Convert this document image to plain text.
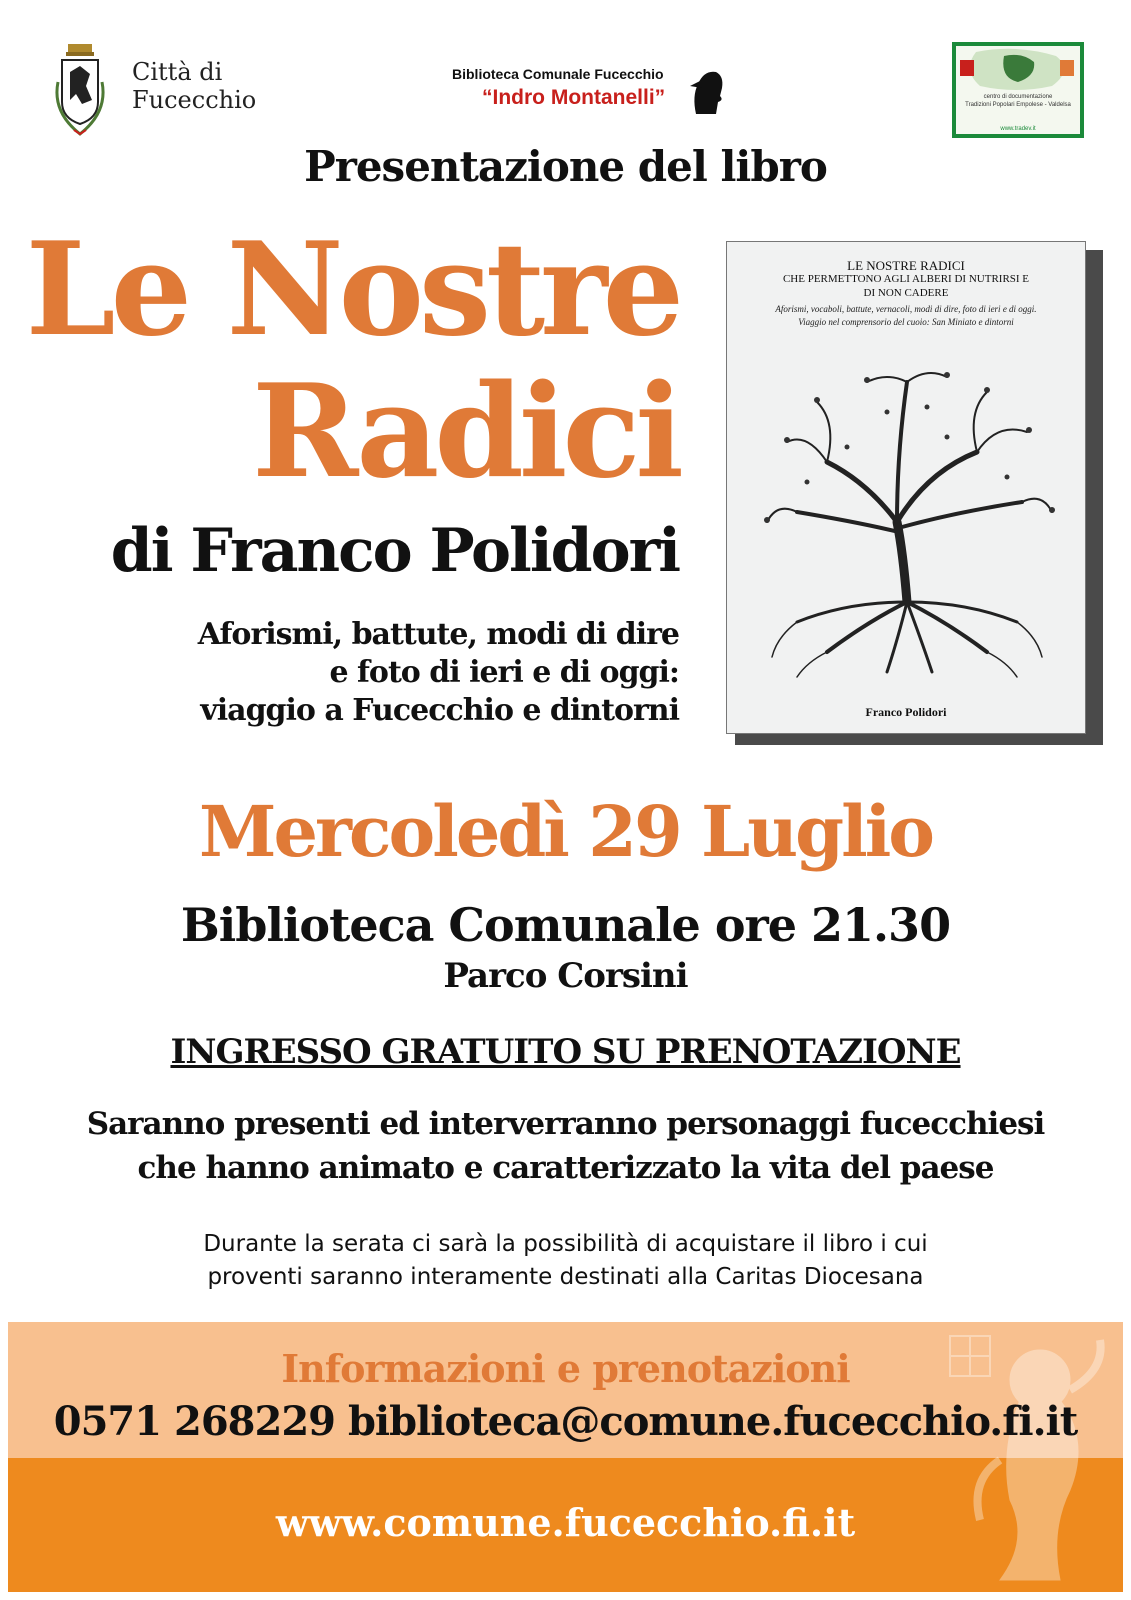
Città di
Fucecchio
Biblioteca Comunale Fucecchio
“Indro Montanelli”	centro di documentazione
Tradizioni Popolari Empolese - Valdelsa
www.tradev.it
Presentazione del libro
Le Nostre
Radici
di Franco Polidori
Aforismi, battute, modi di dire
e foto di ieri e di oggi:
viaggio a Fucecchio e dintorni
LE NOSTRE RADICI
CHE PERMETTONO AGLI ALBERI DI NUTRIRSI E
DI NON CADERE
Aforismi, vocaboli, battute, vernacoli, modi di dire, foto di ieri e di oggi.
Viaggio nel comprensorio del cuoio: San Miniato e dintorni
Franco Polidori
Mercoledì 29 Luglio
Biblioteca Comunale ore 21.30
Parco Corsini
INGRESSO GRATUITO SU PRENOTAZIONE
Saranno presenti ed interverranno personaggi fucecchiesi
che hanno animato e caratterizzato la vita del paese
Durante la serata ci sarà la possibilità di acquistare il libro i cui
proventi saranno interamente destinati alla Caritas Diocesana
Informazioni e prenotazioni
0571 268229 biblioteca@comune.fucecchio.fi.it
www.comune.fucecchio.fi.it
